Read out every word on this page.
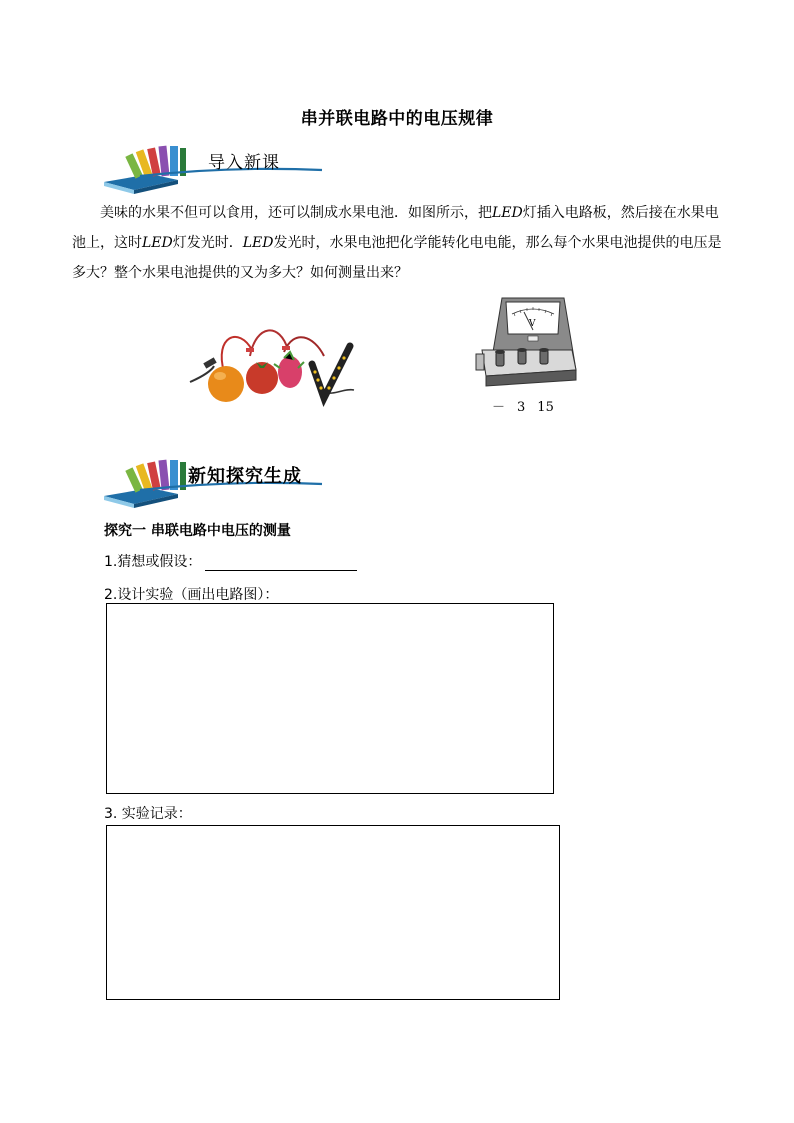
串并联电路中的电压规律
导入新课

美味的水果不但可以食用，还可以制成水果电池．如图所示，把LED灯插入电路板，然后接在水果电池上，这时LED灯发光时．LED发光时，水果电池把化学能转化电电能，那么每个水果电池提供的电压是多大？整个水果电池提供的又为多大？如何测量出来？

V
－ 3 15
新知探究生成
探究一 串联电路中电压的测量
1.猜想或假设：
2.设计实验（画出电路图）：
3. 实验记录：
